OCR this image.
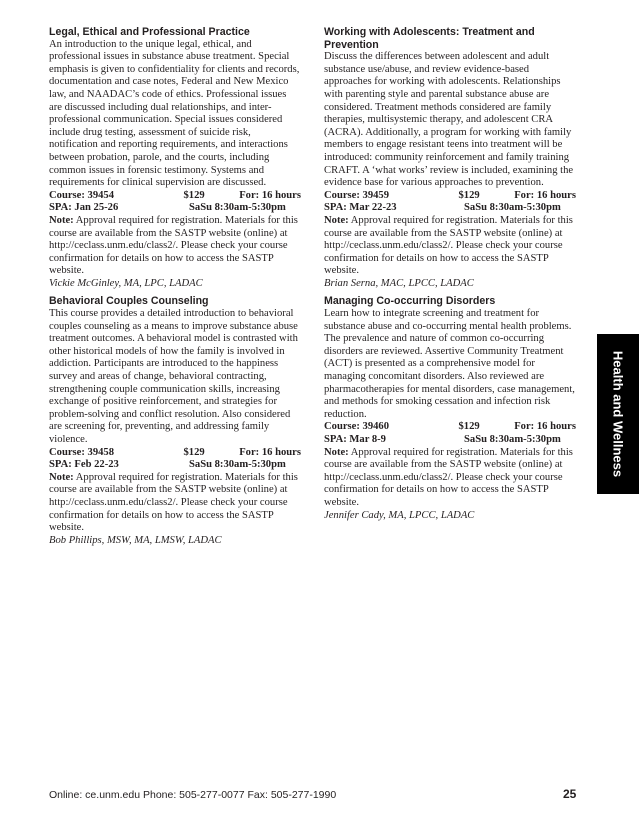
Legal, Ethical and Professional Practice

An introduction to the unique legal, ethical, and professional issues in substance abuse treatment. Special emphasis is given to confidentiality for clients and records, documentation and case notes, Federal and New Mexico law, and NAADAC’s code of ethics. Professional issues are discussed including dual relationships, and inter-professional communication. Special issues considered include drug testing, assessment of suicide risk, notification and reporting requirements, and interactions between probation, parole, and the courts, including common issues in forensic testimony. Systems and requirements for clinical supervision are discussed.

Course: 39454	$129	For: 16 hours
SPA: Jan 25-26	SaSu 8:30am-5:30pm

Note: Approval required for registration. Materials for this course are available from the SASTP website (online) at http://ceclass.unm.edu/class2/. Please check your course confirmation for details on how to access the SASTP website.

Vickie McGinley, MA, LPC, LADAC

Behavioral Couples Counseling

This course provides a detailed introduction to behavioral couples counseling as a means to improve substance abuse treatment outcomes. A behavioral model is contrasted with other historical models of how the family is involved in addiction. Participants are introduced to the happiness survey and areas of change, behavioral contracting, strengthening couple communication skills, increasing exchange of positive reinforcement, and strategies for problem-solving and conflict resolution. Also considered are screening for, preventing, and addressing family violence.

Course: 39458	$129	For: 16 hours
SPA: Feb 22-23	SaSu 8:30am-5:30pm

Note: Approval required for registration. Materials for this course are available from the SASTP website (online) at http://ceclass.unm.edu/class2/. Please check your course confirmation for details on how to access the SASTP website.

Bob Phillips, MSW, MA, LMSW, LADAC

Working with Adolescents: Treatment and Prevention

Discuss the differences between adolescent and adult substance use/abuse, and review evidence-based approaches for working with adolescents. Relationships with parenting style and parental substance abuse are considered. Treatment methods considered are family therapies, multisystemic therapy, and adolescent CRA (ACRA). Additionally, a program for working with family members to engage resistant teens into treatment will be introduced: community reinforcement and family training CRAFT. A ‘what works’ review is included, examining the evidence base for various approaches to prevention.

Course: 39459	$129	For: 16 hours
SPA: Mar 22-23	SaSu 8:30am-5:30pm

Note: Approval required for registration. Materials for this course are available from the SASTP website (online) at http://ceclass.unm.edu/class2/. Please check your course confirmation for details on how to access the SASTP website.

Brian Serna, MAC, LPCC, LADAC

Managing Co-occurring Disorders

Learn how to integrate screening and treatment for substance abuse and co-occurring mental health problems. The prevalence and nature of common co-occurring disorders are reviewed. Assertive Community Treatment (ACT) is presented as a comprehensive model for managing concomitant disorders. Also reviewed are pharmacotherapies for mental disorders, case management, and methods for smoking cessation and infection risk reduction.

Course: 39460	$129	For: 16 hours
SPA: Mar 8-9	SaSu 8:30am-5:30pm

Note: Approval required for registration. Materials for this course are available from the SASTP website (online) at http://ceclass.unm.edu/class2/. Please check your course confirmation for details on how to access the SASTP website.

Jennifer Cady, MA, LPCC, LADAC

Health and Wellness
Online: ce.unm.edu Phone: 505-277-0077 Fax: 505-277-1990	25
